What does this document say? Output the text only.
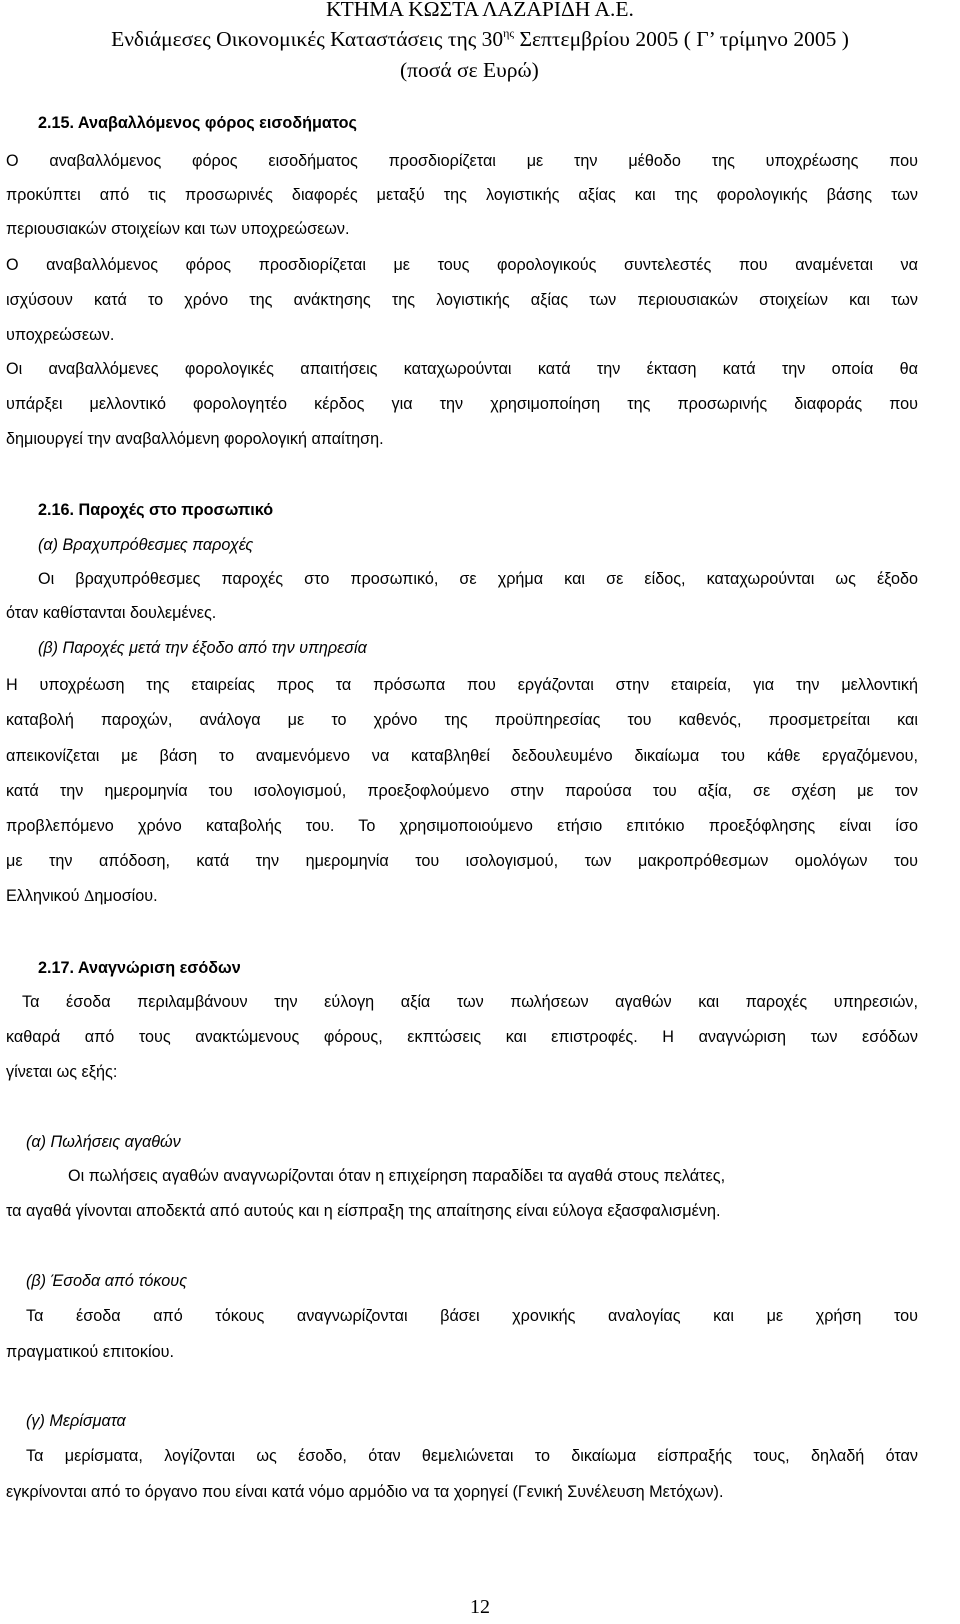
ΚΤΗΜΑ ΚΩΣΤΑ ΛΑΖΑΡΙΔΗ Α.Ε.
Ενδιάμεσες Οικονομικές Καταστάσεις της $30^{\eta\varsigma}$ Σεπτεμβρίου 2005 ( Γ’ τρίμηνο 2005 )
(ποσά σε Ευρώ)
2.15. Αναβαλλόμενος φόρος εισοδήματος
Ο αναβαλλόμενος φόρος εισοδήματος προσδιορίζεται με την μέθοδο της υποχρέωσης που
προκύπτει από τις προσωρινές διαφορές μεταξύ της λογιστικής αξίας και της φορολογικής βάσης των
περιουσιακών στοιχείων και των υποχρεώσεων.
Ο αναβαλλόμενος φόρος προσδιορίζεται με τους φορολογικούς συντελεστές που αναμένεται να
ισχύσουν κατά το χρόνο της ανάκτησης της λογιστικής αξίας των περιουσιακών στοιχείων και των
υποχρεώσεων.
Οι αναβαλλόμενες φορολογικές απαιτήσεις καταχωρούνται κατά την έκταση κατά την οποία θα
υπάρξει μελλοντικό φορολογητέο κέρδος για την χρησιμοποίηση της προσωρινής διαφοράς που
δημιουργεί την αναβαλλόμενη φορολογική απαίτηση.
2.16. Παροχές στο προσωπικό
(α) Βραχυπρόθεσμες παροχές
Οι βραχυπρόθεσμες παροχές στο προσωπικό, σε χρήμα και σε είδος, καταχωρούνται ως έξοδο
όταν καθίστανται δουλεμένες.
(β) Παροχές μετά την έξοδο από την υπηρεσία
Η υποχρέωση της εταιρείας προς τα πρόσωπα που εργάζονται στην εταιρεία, για την μελλοντική
καταβολή παροχών, ανάλογα με το χρόνο της προϋπηρεσίας του καθενός, προσμετρείται και
απεικονίζεται με βάση το αναμενόμενο να καταβληθεί δεδουλευμένο δικαίωμα του κάθε εργαζόμενου,
κατά την ημερομηνία του ισολογισμού, προεξοφλούμενο στην παρούσα του αξία, σε σχέση με τον
προβλεπόμενο χρόνο καταβολής του. Το χρησιμοποιούμενο ετήσιο επιτόκιο προεξόφλησης είναι ίσο
με την απόδοση, κατά την ημερομηνία του ισολογισμού, των μακροπρόθεσμων ομολόγων του
Ελληνικού Δημοσίου.
2.17. Αναγνώριση εσόδων
Τα έσοδα περιλαμβάνουν την εύλογη αξία των πωλήσεων αγαθών και παροχές υπηρεσιών,
καθαρά από τους ανακτώμενους φόρους, εκπτώσεις και επιστροφές. Η αναγνώριση των εσόδων
γίνεται ως εξής:
(α) Πωλήσεις αγαθών
Οι πωλήσεις αγαθών αναγνωρίζονται όταν η επιχείρηση παραδίδει τα αγαθά στους πελάτες,
τα αγαθά γίνονται αποδεκτά από αυτούς και η είσπραξη της απαίτησης είναι εύλογα εξασφαλισμένη.
(β) Έσοδα από τόκους
Τα έσοδα από τόκους αναγνωρίζονται βάσει χρονικής αναλογίας και με χρήση του
πραγματικού επιτοκίου.
(γ) Μερίσματα
Τα μερίσματα, λογίζονται ως έσοδο, όταν θεμελιώνεται το δικαίωμα είσπραξής τους, δηλαδή όταν
εγκρίνονται από το όργανο που είναι κατά νόμο αρμόδιο να τα χορηγεί (Γενική Συνέλευση Μετόχων).
12
